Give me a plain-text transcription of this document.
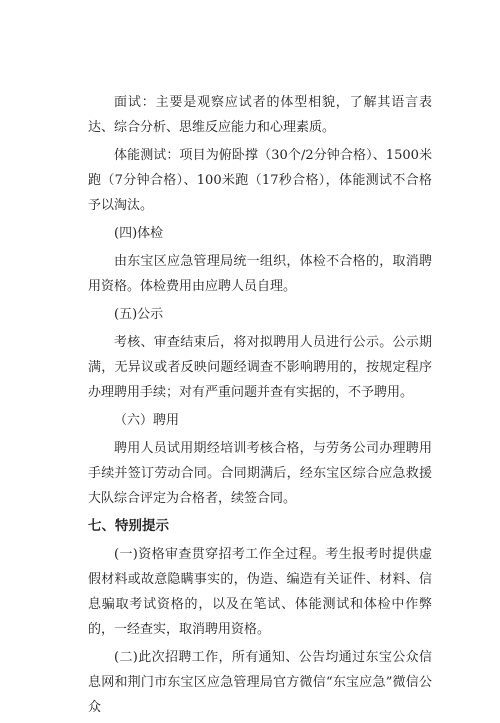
面试：主要是观察应试者的体型相貌，了解其语言表达、综合分析、思维反应能力和心理素质。

体能测试：项目为俯卧撑（30个/2分钟合格）、1500米跑（7分钟合格）、100米跑（17秒合格），体能测试不合格予以淘汰。

(四)体检

由东宝区应急管理局统一组织，体检不合格的，取消聘用资格。体检费用由应聘人员自理。

(五)公示

考核、审查结束后，将对拟聘用人员进行公示。公示期满，无异议或者反映问题经调查不影响聘用的，按规定程序办理聘用手续；对有严重问题并查有实据的，不予聘用。

（六）聘用

聘用人员试用期经培训考核合格，与劳务公司办理聘用手续并签订劳动合同。合同期满后，经东宝区综合应急救援大队综合评定为合格者，续签合同。

七、特别提示

(一)资格审查贯穿招考工作全过程。考生报考时提供虚假材料或故意隐瞒事实的，伪造、编造有关证件、材料、信息骗取考试资格的，以及在笔试、体能测试和体检中作弊的，一经查实，取消聘用资格。

(二)此次招聘工作，所有通知、公告均通过东宝公众信息网和荆门市东宝区应急管理局官方微信“东宝应急”微信公众
